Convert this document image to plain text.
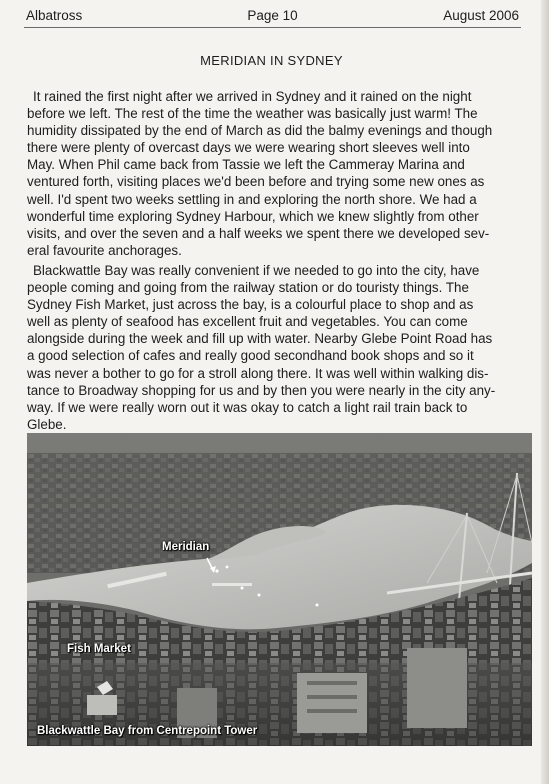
Albatross	Page 10	August 2006
MERIDIAN IN SYDNEY

It rained the first night after we arrived in Sydney and it rained on the night
before we left. The rest of the time the weather was basically just warm! The
humidity dissipated by the end of March as did the balmy evenings and though
there were plenty of overcast days we were wearing short sleeves well into
May. When Phil came back from Tassie we left the Cammeray Marina and
ventured forth, visiting places we'd been before and trying some new ones as
well. I'd spent two weeks settling in and exploring the north shore. We had a
wonderful time exploring Sydney Harbour, which we knew slightly from other
visits, and over the seven and a half weeks we spent there we developed sev-
eral favourite anchorages.

Blackwattle Bay was really convenient if we needed to go into the city, have
people coming and going from the railway station or do touristy things. The
Sydney Fish Market, just across the bay, is a colourful place to shop and as
well as plenty of seafood has excellent fruit and vegetables. You can come
alongside during the week and fill up with water. Nearby Glebe Point Road has
a good selection of cafes and really good secondhand book shops and so it
was never a bother to go for a stroll along there. It was well within walking dis-
tance to Broadway shopping for us and by then you were nearly in the city any-
way. If we were really worn out it was okay to catch a light rail train back to
Glebe.

Meridian
Fish Market
Blackwattle Bay from Centrepoint Tower
